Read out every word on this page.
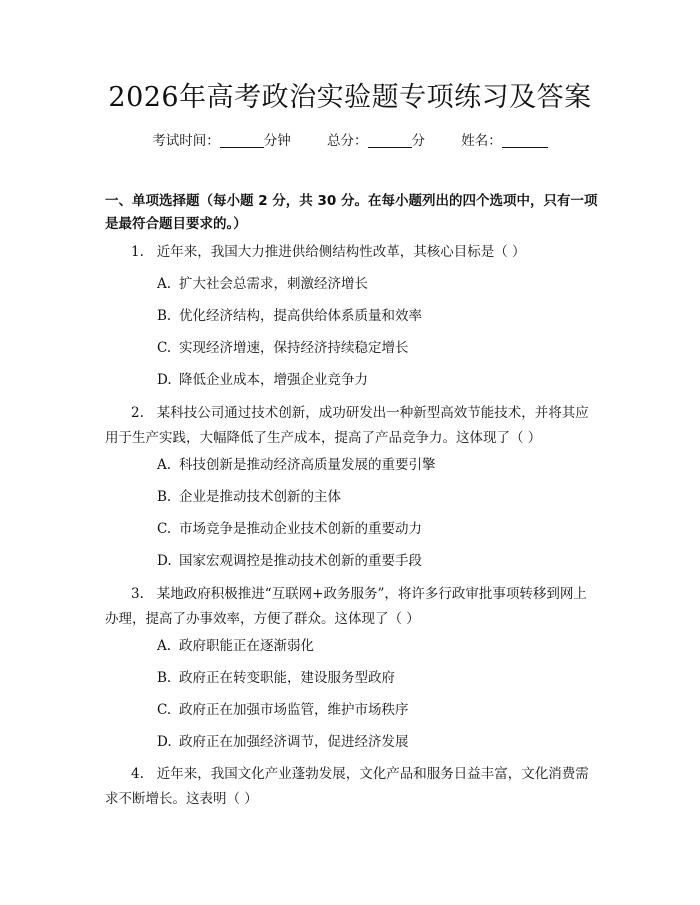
2026年高考政治实验题专项练习及答案
考试时间：	分钟	总分：	分	姓名：
一、单项选择题（每小题 2 分，共 30 分。在每小题列出的四个选项中，只有一项是最符合题目要求的。）
1. 近年来，我国大力推进供给侧结构性改革，其核心目标是（ ）
A. 扩大社会总需求，刺激经济增长
B. 优化经济结构，提高供给体系质量和效率
C. 实现经济增速，保持经济持续稳定增长
D. 降低企业成本，增强企业竞争力
2. 某科技公司通过技术创新，成功研发出一种新型高效节能技术，并将其应用于生产实践，大幅降低了生产成本，提高了产品竞争力。这体现了（ ）
A. 科技创新是推动经济高质量发展的重要引擎
B. 企业是推动技术创新的主体
C. 市场竞争是推动企业技术创新的重要动力
D. 国家宏观调控是推动技术创新的重要手段
3. 某地政府积极推进“互联网+政务服务”，将许多行政审批事项转移到网上办理，提高了办事效率，方便了群众。这体现了（ ）
A. 政府职能正在逐渐弱化
B. 政府正在转变职能，建设服务型政府
C. 政府正在加强市场监管，维护市场秩序
D. 政府正在加强经济调节，促进经济发展
4. 近年来，我国文化产业蓬勃发展，文化产品和服务日益丰富，文化消费需求不断增长。这表明（ ）
